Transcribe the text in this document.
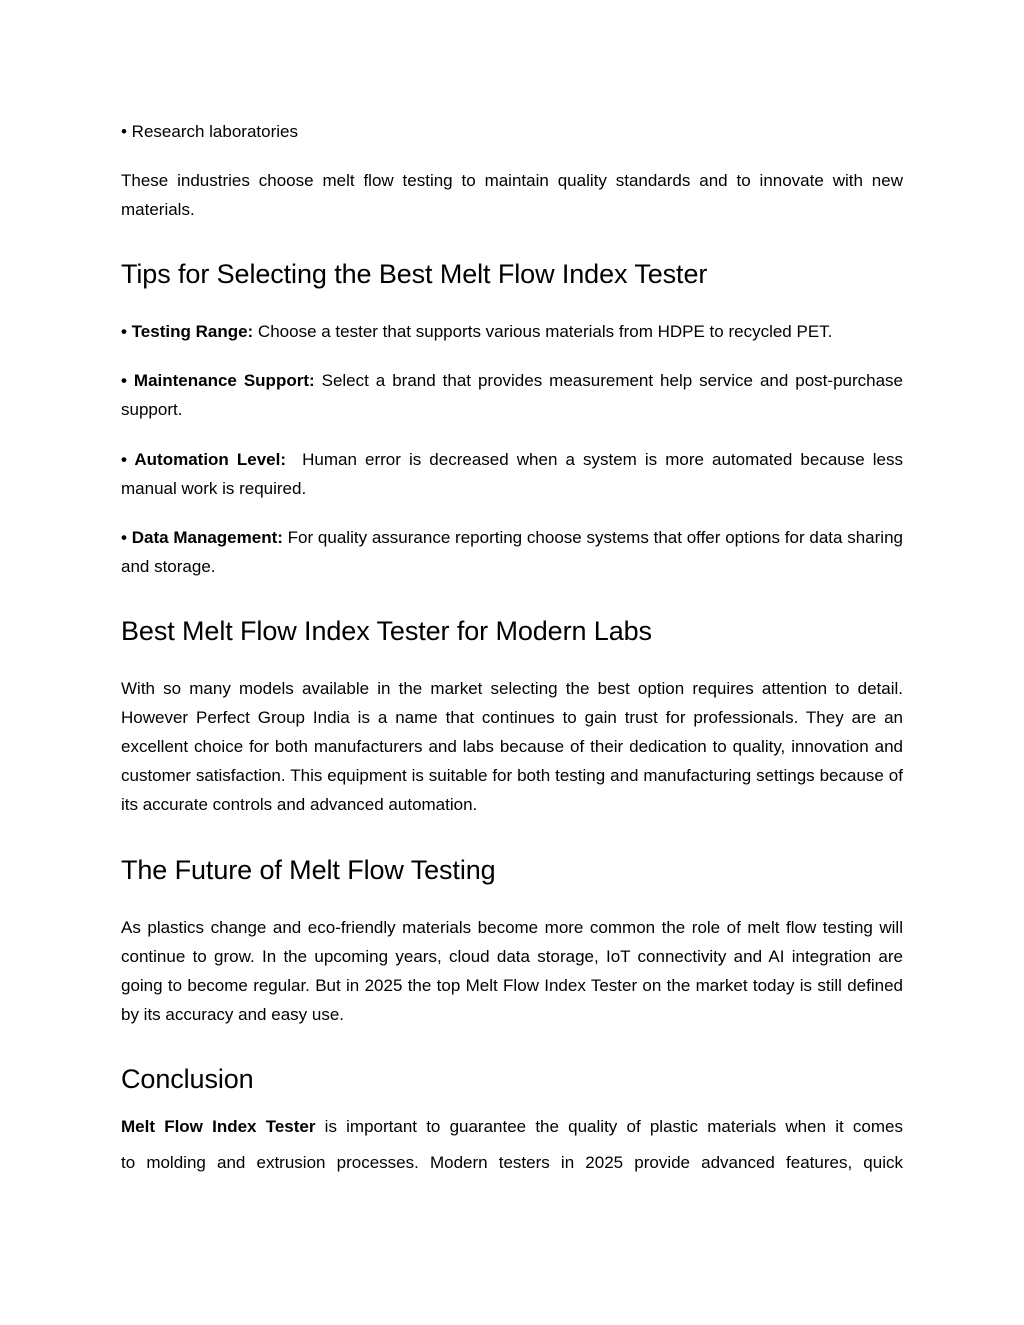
• Research laboratories

These industries choose melt flow testing to maintain quality standards and to innovate with new materials.

Tips for Selecting the Best Melt Flow Index Tester

• Testing Range: Choose a tester that supports various materials from HDPE to recycled PET.

• Maintenance Support: Select a brand that provides measurement help service and post-purchase support.

• Automation Level:  Human error is decreased when a system is more automated because less manual work is required.

• Data Management: For quality assurance reporting choose systems that offer options for data sharing and storage.

Best Melt Flow Index Tester for Modern Labs

With so many models available in the market selecting the best option requires attention to detail. However Perfect Group India is a name that continues to gain trust for professionals. They are an excellent choice for both manufacturers and labs because of their dedication to quality, innovation and customer satisfaction. This equipment is suitable for both testing and manufacturing settings because of its accurate controls and advanced automation.

The Future of Melt Flow Testing

As plastics change and eco-friendly materials become more common the role of melt flow testing will continue to grow. In the upcoming years, cloud data storage, IoT connectivity and AI integration are going to become regular. But in 2025 the top Melt Flow Index Tester on the market today is still defined by its accuracy and easy use.

Conclusion

Melt Flow Index Tester is important to guarantee the quality of plastic materials when it comes

to molding and extrusion processes. Modern testers in 2025 provide advanced features, quick
